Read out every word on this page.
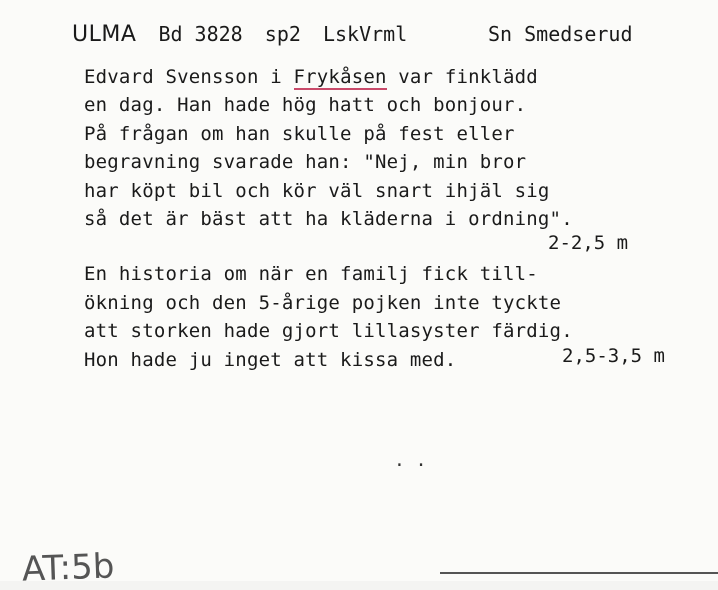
ULMA Bd 3828 sp2 LskVrml	Sn Smedserud
Edvard Svensson i Frykåsen var finklädd
en dag. Han hade hög hatt och bonjour.
På frågan om han skulle på fest eller
begravning svarade han: "Nej, min bror
har köpt bil och kör väl snart ihjäl sig
så det är bäst att ha kläderna i ordning".
2-2,5 m
En historia om när en familj fick till-
ökning och den 5-årige pojken inte tyckte
att storken hade gjort lillasyster färdig.
Hon hade ju inget att kissa med.	2,5-3,5 m
. .
AT:5b
